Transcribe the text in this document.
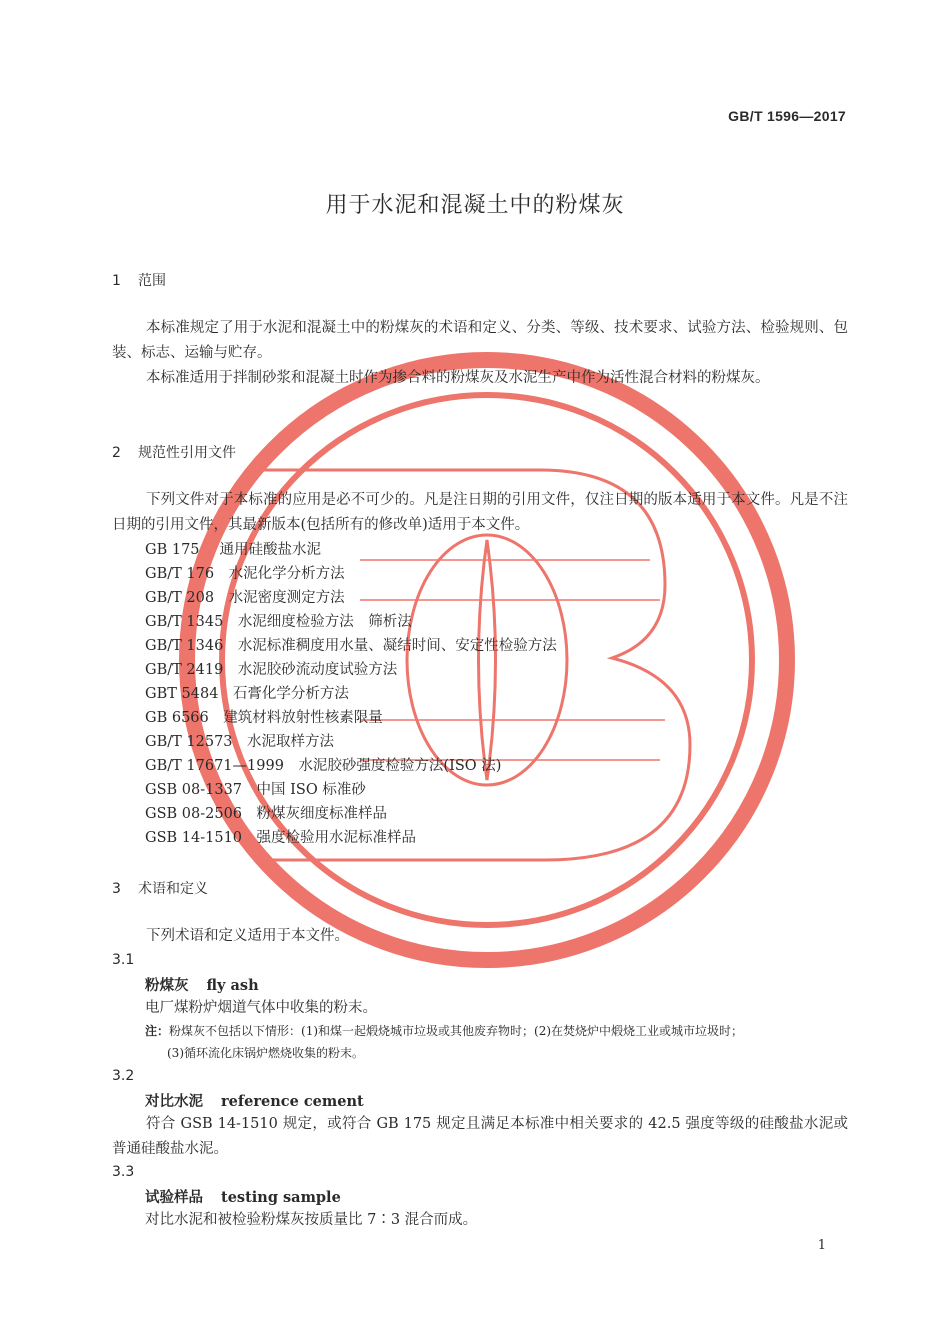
GB/T 1596—2017
用于水泥和混凝土中的粉煤灰
1 范围
本标准规定了用于水泥和混凝土中的粉煤灰的术语和定义、分类、等级、技术要求、试验方法、检验规则、包装、标志、运输与贮存。
本标准适用于拌制砂浆和混凝土时作为掺合料的粉煤灰及水泥生产中作为活性混合材料的粉煤灰。
2 规范性引用文件
下列文件对于本标准的应用是必不可少的。凡是注日期的引用文件，仅注日期的版本适用于本文件。凡是不注日期的引用文件，其最新版本(包括所有的修改单)适用于本文件。
GB 175　 通用硅酸盐水泥
GB/T 176　 水泥化学分析方法
GB/T 208　 水泥密度测定方法
GB/T 1345　 水泥细度检验方法　筛析法
GB/T 1346　 水泥标准稠度用水量、凝结时间、安定性检验方法
GB/T 2419　 水泥胶砂流动度试验方法
GBT 5484　 石膏化学分析方法
GB 6566　 建筑材料放射性核素限量
GB/T 12573　 水泥取样方法
GB/T 17671—1999　 水泥胶砂强度检验方法(ISO 法)
GSB 08-1337　 中国 ISO 标准砂
GSB 08-2506　 粉煤灰细度标准样品
GSB 14-1510　 强度检验用水泥标准样品
3 术语和定义
下列术语和定义适用于本文件。
3.1
粉煤灰 fly ash
电厂煤粉炉烟道气体中收集的粉末。
注：粉煤灰不包括以下情形：(1)和煤一起煅烧城市垃圾或其他废弃物时；(2)在焚烧炉中煅烧工业或城市垃圾时；
(3)循环流化床锅炉燃烧收集的粉末。
3.2
对比水泥 reference cement
符合 GSB 14-1510 规定，或符合 GB 175 规定且满足本标准中相关要求的 42.5 强度等级的硅酸盐水泥或普通硅酸盐水泥。
3.3
试验样品 testing sample
对比水泥和被检验粉煤灰按质量比 7∶3 混合而成。
1
